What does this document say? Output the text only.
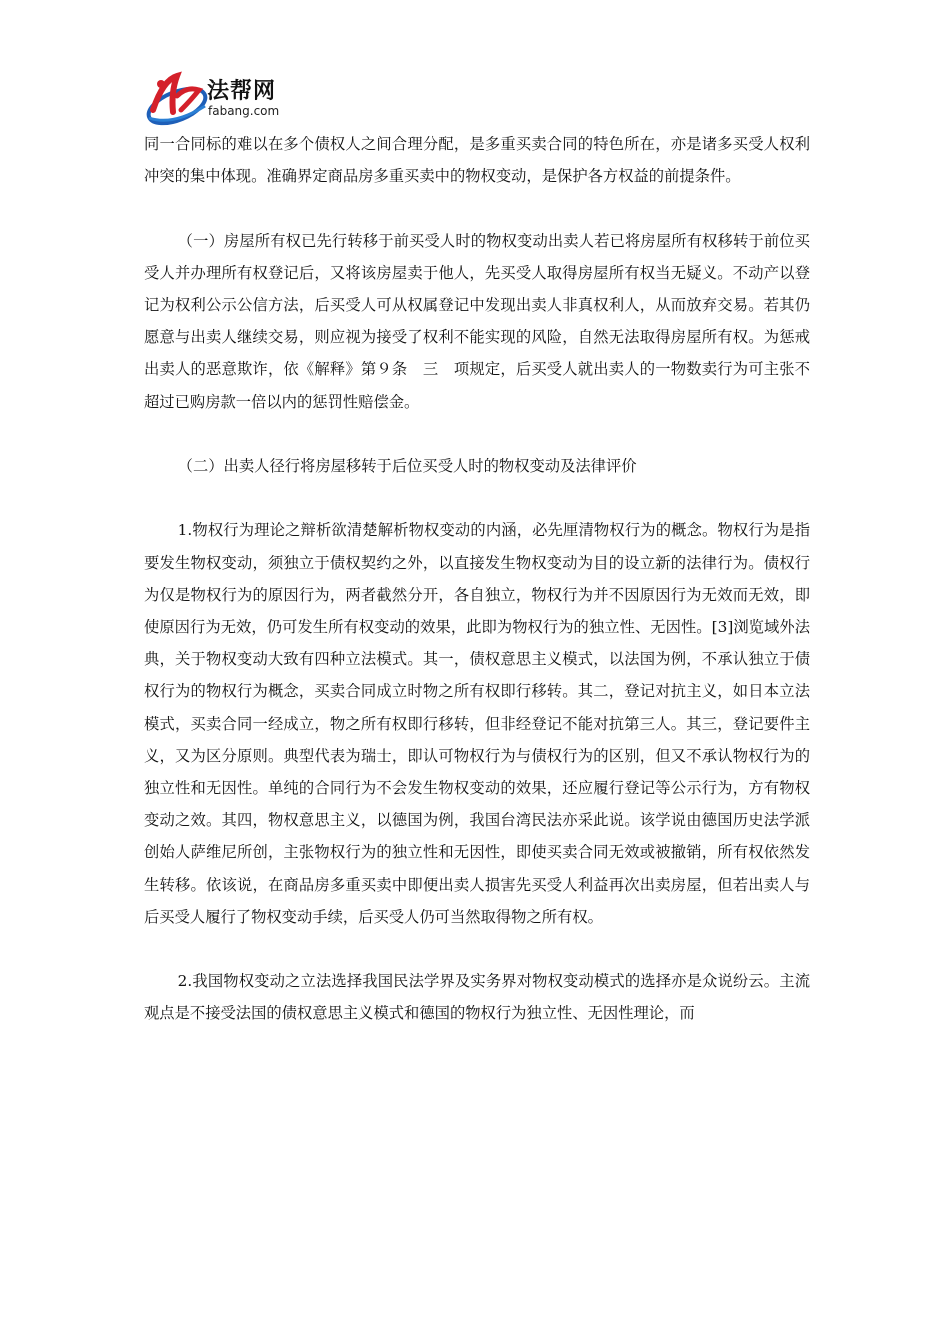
法帮网
fabang.com

同一合同标的难以在多个债权人之间合理分配，是多重买卖合同的特色所在，亦是诸多买受人权利冲突的集中体现。准确界定商品房多重买卖中的物权变动，是保护各方权益的前提条件。

（一）房屋所有权已先行转移于前买受人时的物权变动出卖人若已将房屋所有权移转于前位买受人并办理所有权登记后，又将该房屋卖于他人，先买受人取得房屋所有权当无疑义。不动产以登记为权利公示公信方法，后买受人可从权属登记中发现出卖人非真权利人，从而放弃交易。若其仍愿意与出卖人继续交易，则应视为接受了权利不能实现的风险，自然无法取得房屋所有权。为惩戒出卖人的恶意欺诈，依《解释》第９条　三　项规定，后买受人就出卖人的一物数卖行为可主张不超过已购房款一倍以内的惩罚性赔偿金。

（二）出卖人径行将房屋移转于后位买受人时的物权变动及法律评价

1.物权行为理论之辩析欲清楚解析物权变动的内涵，必先厘清物权行为的概念。物权行为是指要发生物权变动，须独立于债权契约之外，以直接发生物权变动为目的设立新的法律行为。债权行为仅是物权行为的原因行为，两者截然分开，各自独立，物权行为并不因原因行为无效而无效，即使原因行为无效，仍可发生所有权变动的效果，此即为物权行为的独立性、无因性。[3]浏览域外法典，关于物权变动大致有四种立法模式。其一，债权意思主义模式，以法国为例，不承认独立于债权行为的物权行为概念，买卖合同成立时物之所有权即行移转。其二，登记对抗主义，如日本立法模式，买卖合同一经成立，物之所有权即行移转，但非经登记不能对抗第三人。其三，登记要件主义，又为区分原则。典型代表为瑞士，即认可物权行为与债权行为的区别，但又不承认物权行为的独立性和无因性。单纯的合同行为不会发生物权变动的效果，还应履行登记等公示行为，方有物权变动之效。其四，物权意思主义，以德国为例，我国台湾民法亦采此说。该学说由德国历史法学派创始人萨维尼所创，主张物权行为的独立性和无因性，即使买卖合同无效或被撤销，所有权依然发生转移。依该说，在商品房多重买卖中即便出卖人损害先买受人利益再次出卖房屋，但若出卖人与后买受人履行了物权变动手续，后买受人仍可当然取得物之所有权。

2.我国物权变动之立法选择我国民法学界及实务界对物权变动模式的选择亦是众说纷云。主流观点是不接受法国的债权意思主义模式和德国的物权行为独立性、无因性理论，而
